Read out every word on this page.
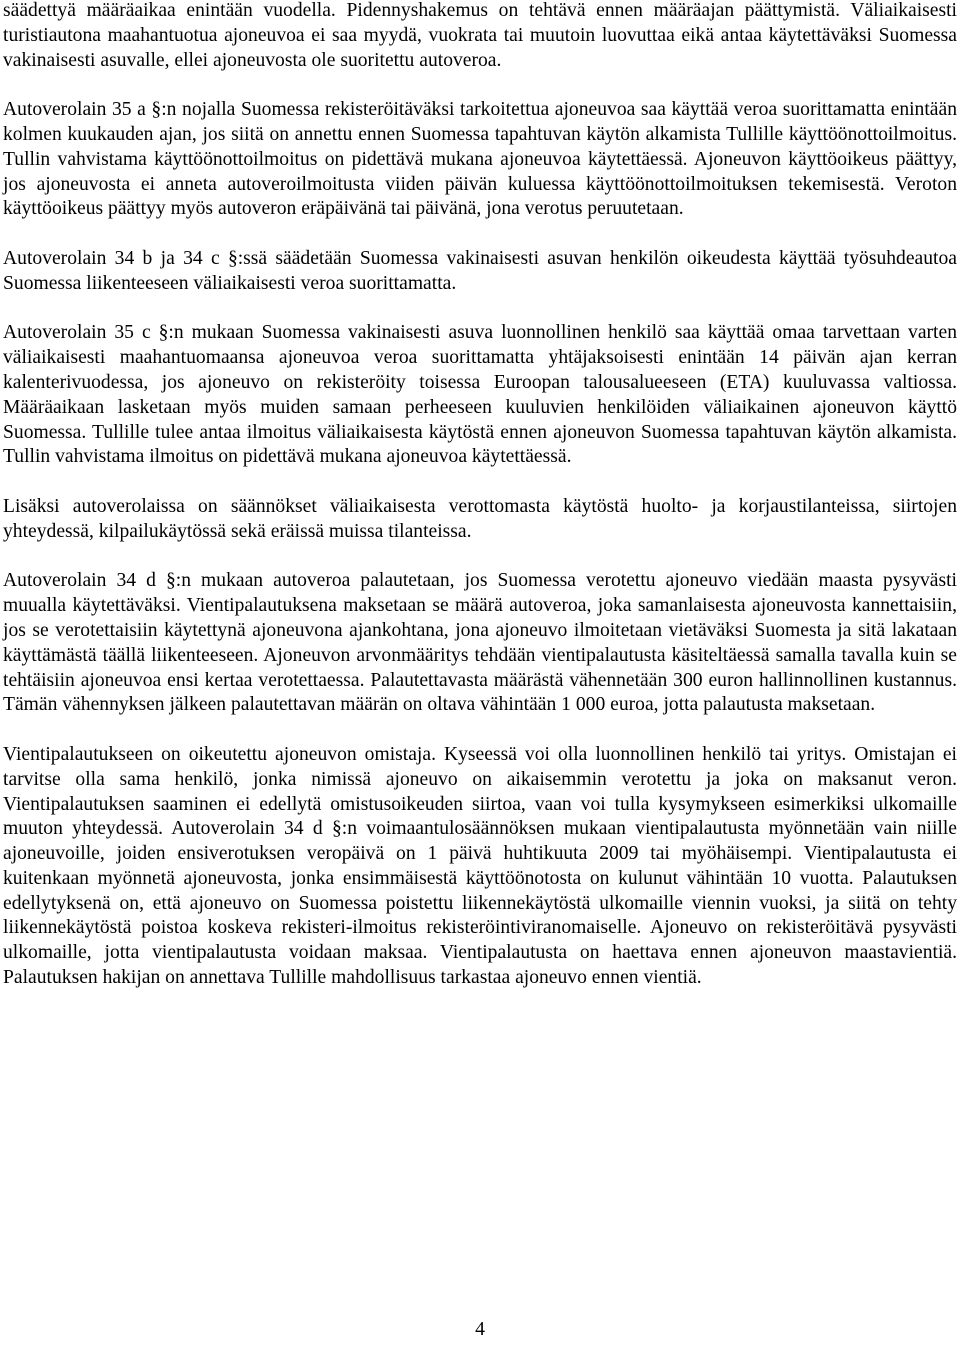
säädettyä määräaikaa enintään vuodella. Pidennyshakemus on tehtävä ennen määräajan päättymistä. Väliaikaisesti turistiautona maahantuotua ajoneuvoa ei saa myydä, vuokrata tai muutoin luovuttaa eikä antaa käytettäväksi Suomessa vakinaisesti asuvalle, ellei ajoneuvosta ole suoritettu autoveroa.

Autoverolain 35 a §:n nojalla Suomessa rekisteröitäväksi tarkoitettua ajoneuvoa saa käyttää veroa suorittamatta enintään kolmen kuukauden ajan, jos siitä on annettu ennen Suomessa tapahtuvan käytön alkamista Tullille käyttöönottoilmoitus. Tullin vahvistama käyttöönottoilmoitus on pidettävä mukana ajoneuvoa käytettäessä. Ajoneuvon käyttöoikeus päättyy, jos ajoneuvosta ei anneta autoveroilmoitusta viiden päivän kuluessa käyttöönottoilmoituksen tekemisestä. Veroton käyttöoikeus päättyy myös autoveron eräpäivänä tai päivänä, jona verotus peruutetaan.

Autoverolain 34 b ja 34 c §:ssä säädetään Suomessa vakinaisesti asuvan henkilön oikeudesta käyttää työsuhdeautoa Suomessa liikenteeseen väliaikaisesti veroa suorittamatta.

Autoverolain 35 c §:n mukaan Suomessa vakinaisesti asuva luonnollinen henkilö saa käyttää omaa tarvettaan varten väliaikaisesti maahantuomaansa ajoneuvoa veroa suorittamatta yhtäjaksoisesti enintään 14 päivän ajan kerran kalenterivuodessa, jos ajoneuvo on rekisteröity toisessa Euroopan talousalueeseen (ETA) kuuluvassa valtiossa. Määräaikaan lasketaan myös muiden samaan perheeseen kuuluvien henkilöiden väliaikainen ajoneuvon käyttö Suomessa. Tullille tulee antaa ilmoitus väliaikaisesta käytöstä ennen ajoneuvon Suomessa tapahtuvan käytön alkamista. Tullin vahvistama ilmoitus on pidettävä mukana ajoneuvoa käytettäessä.

Lisäksi autoverolaissa on säännökset väliaikaisesta verottomasta käytöstä huolto- ja korjaustilanteissa, siirtojen yhteydessä, kilpailukäytössä sekä eräissä muissa tilanteissa.

Autoverolain 34 d §:n mukaan autoveroa palautetaan, jos Suomessa verotettu ajoneuvo viedään maasta pysyvästi muualla käytettäväksi. Vientipalautuksena maksetaan se määrä autoveroa, joka samanlaisesta ajoneuvosta kannettaisiin, jos se verotettaisiin käytettynä ajoneuvona ajankohtana, jona ajoneuvo ilmoitetaan vietäväksi Suomesta ja sitä lakataan käyttämästä täällä liikenteeseen. Ajoneuvon arvonmääritys tehdään vientipalautusta käsiteltäessä samalla tavalla kuin se tehtäisiin ajoneuvoa ensi kertaa verotettaessa. Palautettavasta määrästä vähennetään 300 euron hallinnollinen kustannus. Tämän vähennyksen jälkeen palautettavan määrän on oltava vähintään 1 000 euroa, jotta palautusta maksetaan.

Vientipalautukseen on oikeutettu ajoneuvon omistaja. Kyseessä voi olla luonnollinen henkilö tai yritys. Omistajan ei tarvitse olla sama henkilö, jonka nimissä ajoneuvo on aikaisemmin verotettu ja joka on maksanut veron. Vientipalautuksen saaminen ei edellytä omistusoikeuden siirtoa, vaan voi tulla kysymykseen esimerkiksi ulkomaille muuton yhteydessä. Autoverolain 34 d §:n voimaantulosäännöksen mukaan vientipalautusta myönnetään vain niille ajoneuvoille, joiden ensiverotuksen veropäivä on 1 päivä huhtikuuta 2009 tai myöhäisempi. Vientipalautusta ei kuitenkaan myönnetä ajoneuvosta, jonka ensimmäisestä käyttöönotosta on kulunut vähintään 10 vuotta. Palautuksen edellytyksenä on, että ajoneuvo on Suomessa poistettu liikennekäytöstä ulkomaille viennin vuoksi, ja siitä on tehty liikennekäytöstä poistoa koskeva rekisteri-ilmoitus rekisteröintiviranomaiselle. Ajoneuvo on rekisteröitävä pysyvästi ulkomaille, jotta vientipalautusta voidaan maksaa. Vientipalautusta on haettava ennen ajoneuvon maastavientiä. Palautuksen hakijan on annettava Tullille mahdollisuus tarkastaa ajoneuvo ennen vientiä.

4
